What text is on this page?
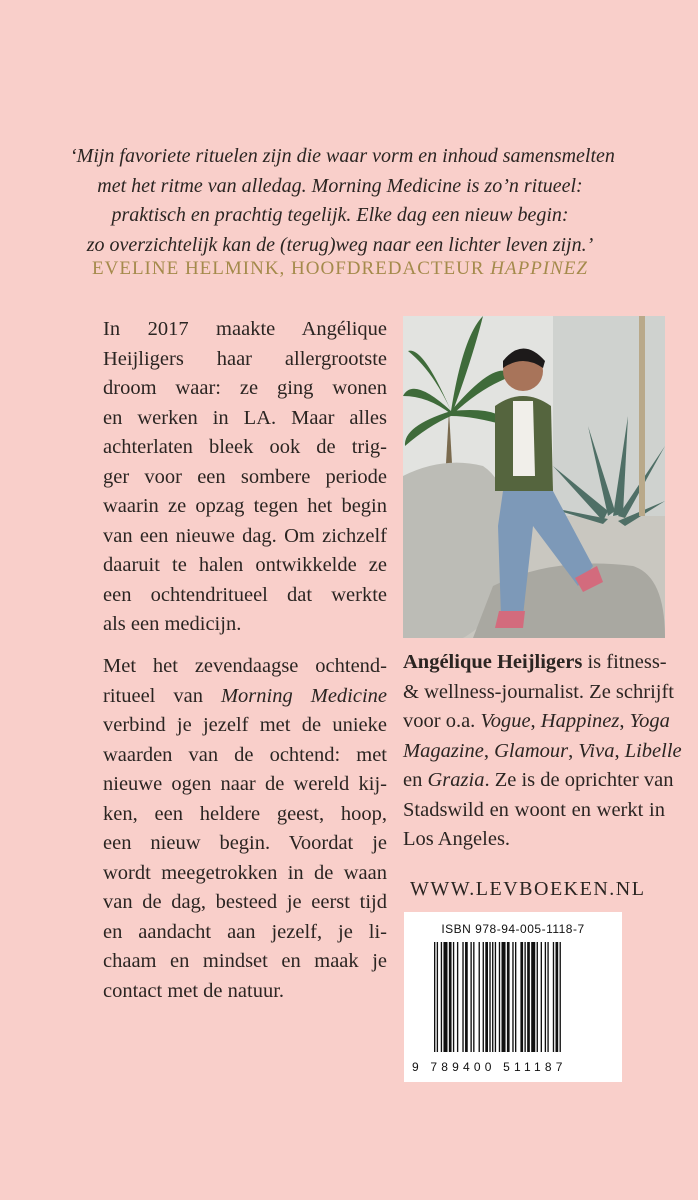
‘Mijn favoriete rituelen zijn die waar vorm en inhoud samensmelten
met het ritme van alledag. Morning Medicine is zo’n ritueel:
praktisch en prachtig tegelijk. Elke dag een nieuw begin:
zo overzichtelijk kan de (terug)weg naar een lichter leven zijn.’
EVELINE HELMINK, HOOFDREDACTEUR HAPPINEZ
In 2017 maakte Angélique
Heijligers haar allergrootste
droom waar: ze ging wonen
en werken in LA. Maar alles
achterlaten bleek ook de trig-
ger voor een sombere periode
waarin ze opzag tegen het begin
van een nieuwe dag. Om zichzelf
daaruit te halen ontwikkelde ze
een ochtendritueel dat werkte
als een medicijn.
Met het zevendaagse ochtend-
ritueel van Morning Medicine
verbind je jezelf met de unieke
waarden van de ochtend: met
nieuwe ogen naar de wereld kij-
ken, een heldere geest, hoop,
een nieuw begin. Voordat je
wordt meegetrokken in de waan
van de dag, besteed je eerst tijd
en aandacht aan jezelf, je li-
chaam en mindset en maak je
contact met de natuur.
Angélique Heijligers is fitness-
& wellness-journalist. Ze schrijft
voor o.a. Vogue, Happinez, Yoga
Magazine, Glamour, Viva, Libelle
en Grazia. Ze is de oprichter van
Stadswild en woont en werkt in
Los Angeles.
WWW.LEVBOEKEN.NL
ISBN 978-94-005-1118-7
9 789400 511187
